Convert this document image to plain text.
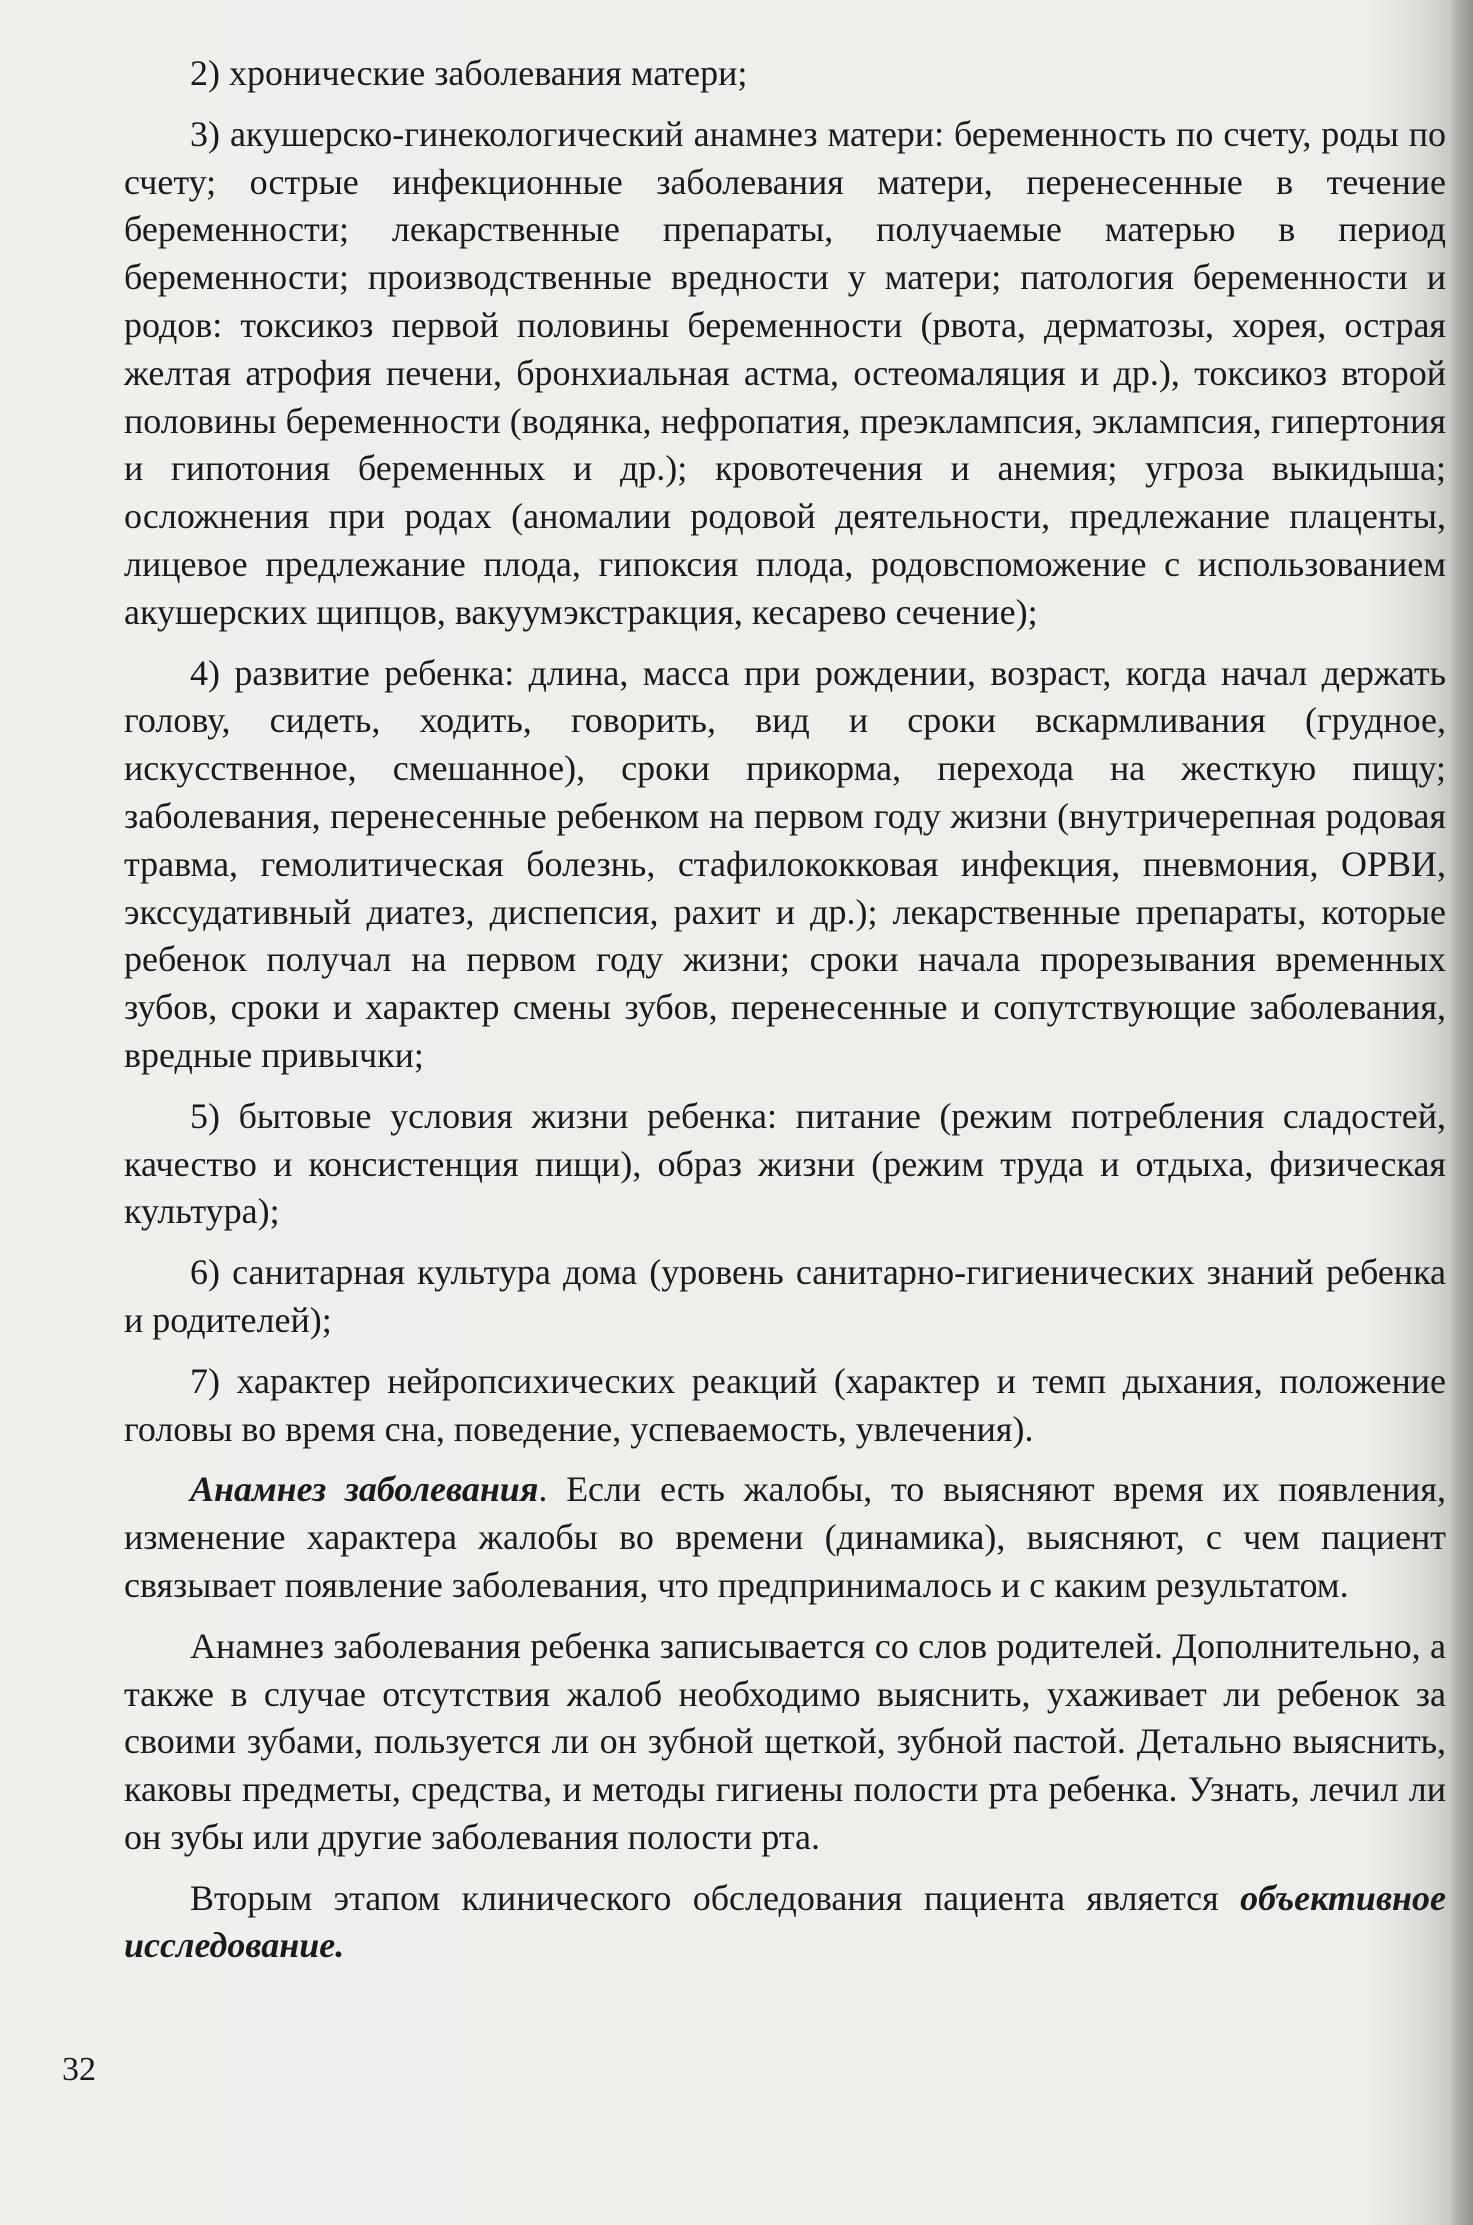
2) хронические заболевания матери;

3) акушерско-гинекологический анамнез матери: беременность по счету, роды по счету; острые инфекционные заболевания матери, перенесенные в течение беременности; лекарственные препараты, получаемые матерью в период беременности; производственные вредности у матери; патология беременности и родов: токсикоз первой половины беременности (рвота, дерматозы, хорея, острая желтая атрофия печени, бронхиальная астма, остеомаляция и др.), токсикоз второй половины беременности (водянка, нефропатия, преэклампсия, эклампсия, гипертония и гипотония беременных и др.); кровотечения и анемия; угроза выкидыша; осложнения при родах (аномалии родовой деятельности, предлежание плаценты, лицевое предлежание плода, гипоксия плода, родовспоможение с использованием акушерских щипцов, вакуумэкстракция, кесарево сечение);

4) развитие ребенка: длина, масса при рождении, возраст, когда начал держать голову, сидеть, ходить, говорить, вид и сроки вскармливания (грудное, искусственное, смешанное), сроки прикорма, перехода на жесткую пищу; заболевания, перенесенные ребенком на первом году жизни (внутричерепная родовая травма, гемолитическая болезнь, стафилококковая инфекция, пневмония, ОРВИ, экссудативный диатез, диспепсия, рахит и др.); лекарственные препараты, которые ребенок получал на первом году жизни; сроки начала прорезывания временных зубов, сроки и характер смены зубов, перенесенные и сопутствующие заболевания, вредные привычки;

5) бытовые условия жизни ребенка: питание (режим потребления сладостей, качество и консистенция пищи), образ жизни (режим труда и отдыха, физическая культура);

6) санитарная культура дома (уровень санитарно-гигиенических знаний ребенка и родителей);

7) характер нейропсихических реакций (характер и темп дыхания, положение головы во время сна, поведение, успеваемость, увлечения).

Анамнез заболевания. Если есть жалобы, то выясняют время их появления, изменение характера жалобы во времени (динамика), выясняют, с чем пациент связывает появление заболевания, что предпринималось и с каким результатом.

Анамнез заболевания ребенка записывается со слов родителей. Дополнительно, а также в случае отсутствия жалоб необходимо выяснить, ухаживает ли ребенок за своими зубами, пользуется ли он зубной щеткой, зубной пастой. Детально выяснить, каковы предметы, средства, и методы гигиены полости рта ребенка. Узнать, лечил ли он зубы или другие заболевания полости рта.

Вторым этапом клинического обследования пациента является объективное исследование.

32
